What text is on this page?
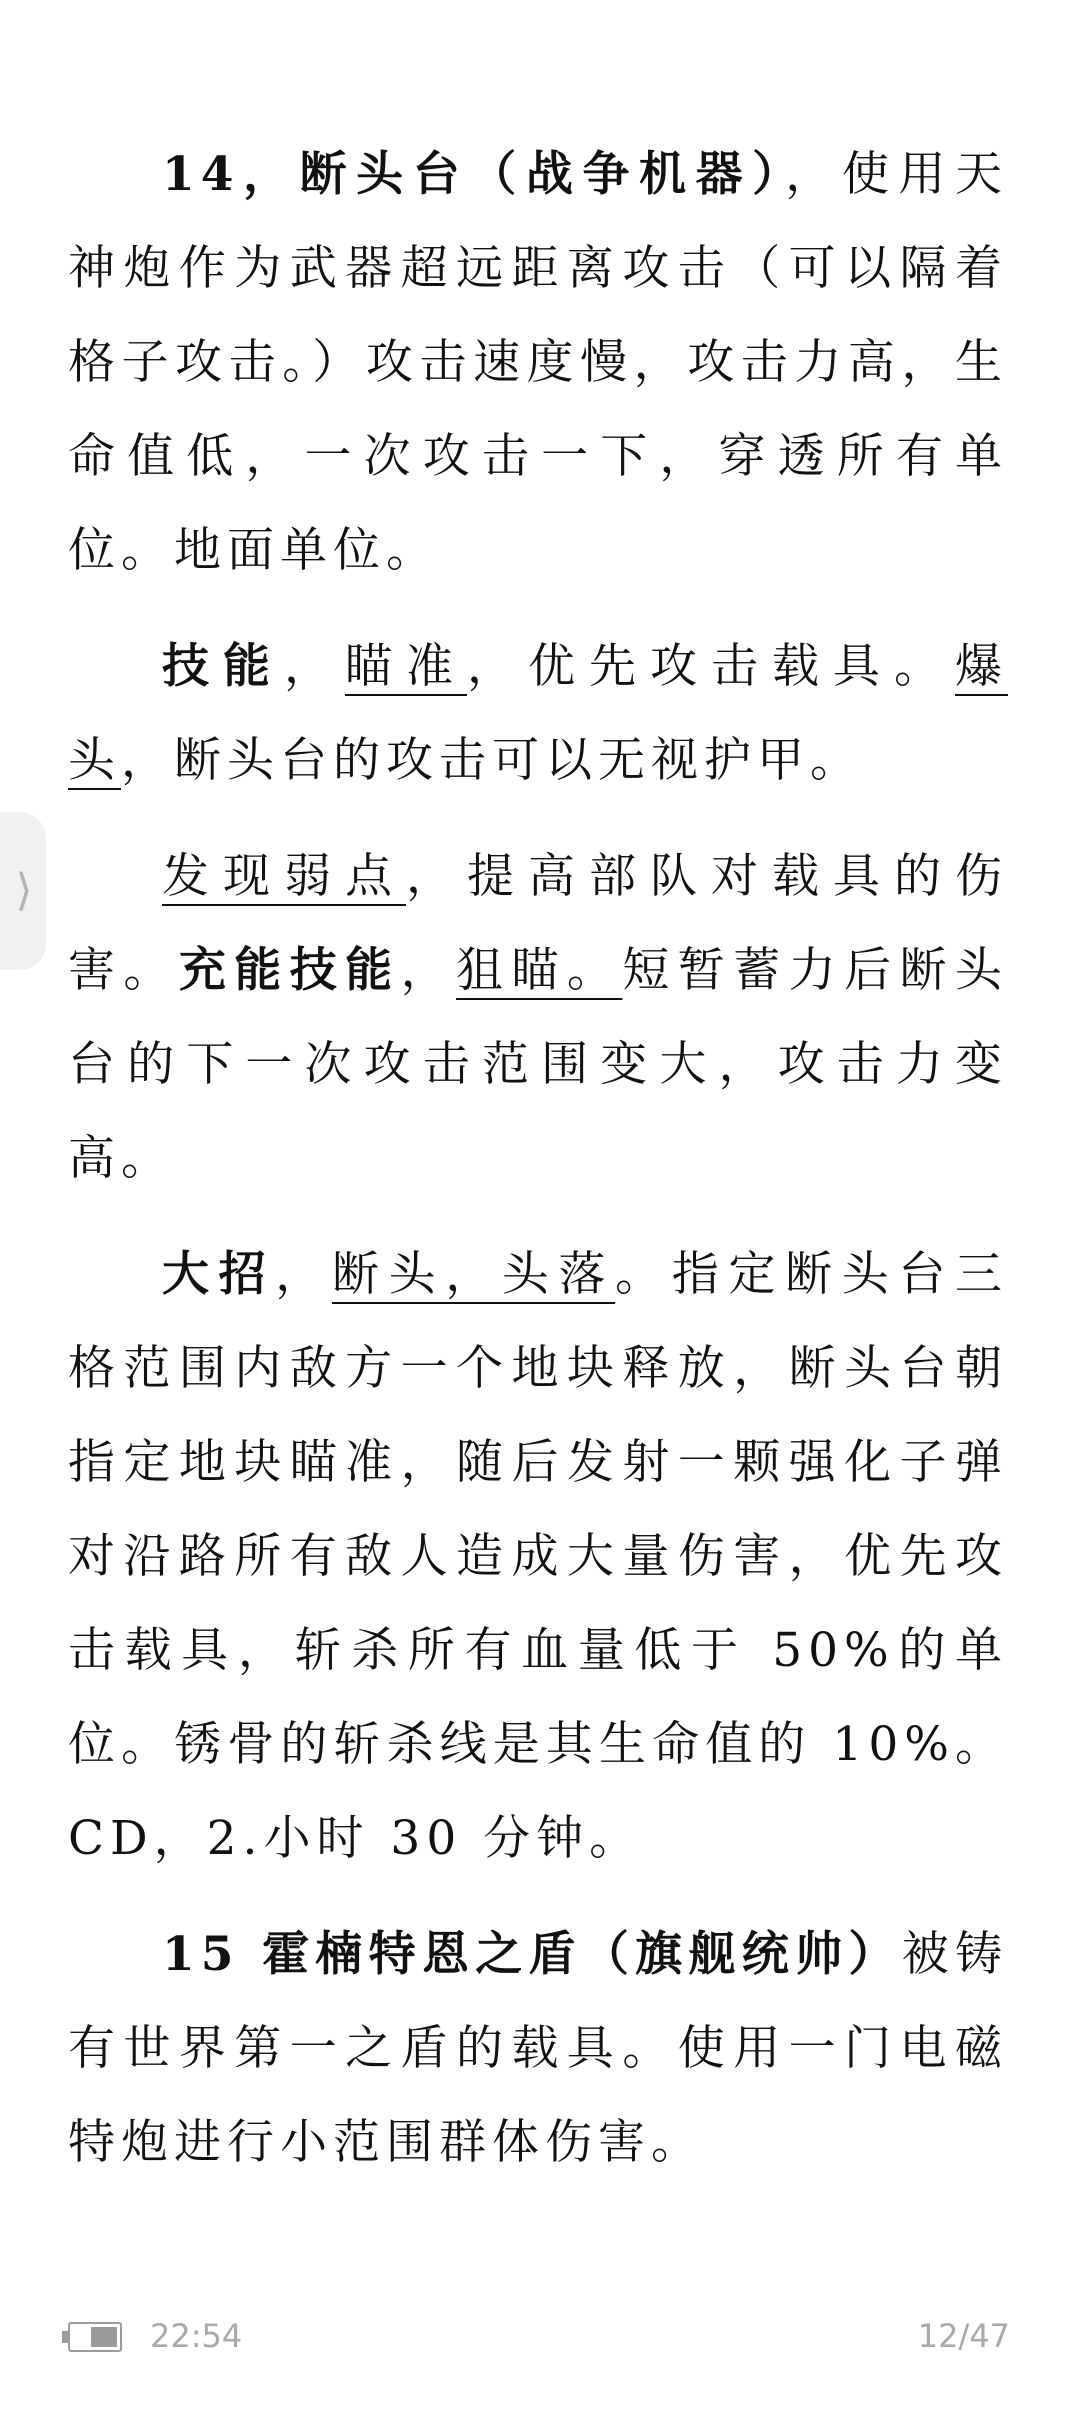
14，断头台（战争机器），使用天神炮作为武器超远距离攻击（可以隔着格子攻击。）攻击速度慢，攻击力高，生命值低，一次攻击一下，穿透所有单位。地面单位。

技能，瞄准，优先攻击载具。爆头，断头台的攻击可以无视护甲。

发现弱点，提高部队对载具的伤害。充能技能，狙瞄。短暂蓄力后断头台的下一次攻击范围变大，攻击力变高。

大招，断头，头落。指定断头台三格范围内敌方一个地块释放，断头台朝指定地块瞄准，随后发射一颗强化子弹对沿路所有敌人造成大量伤害，优先攻击载具，斩杀所有血量低于 50%的单位。锈骨的斩杀线是其生命值的 10%。CD，2.小时 30 分钟。

15 霍楠特恩之盾（旗舰统帅）被铸有世界第一之盾的载具。使用一门电磁特炮进行小范围群体伤害。

⟩
22:54	12/47
